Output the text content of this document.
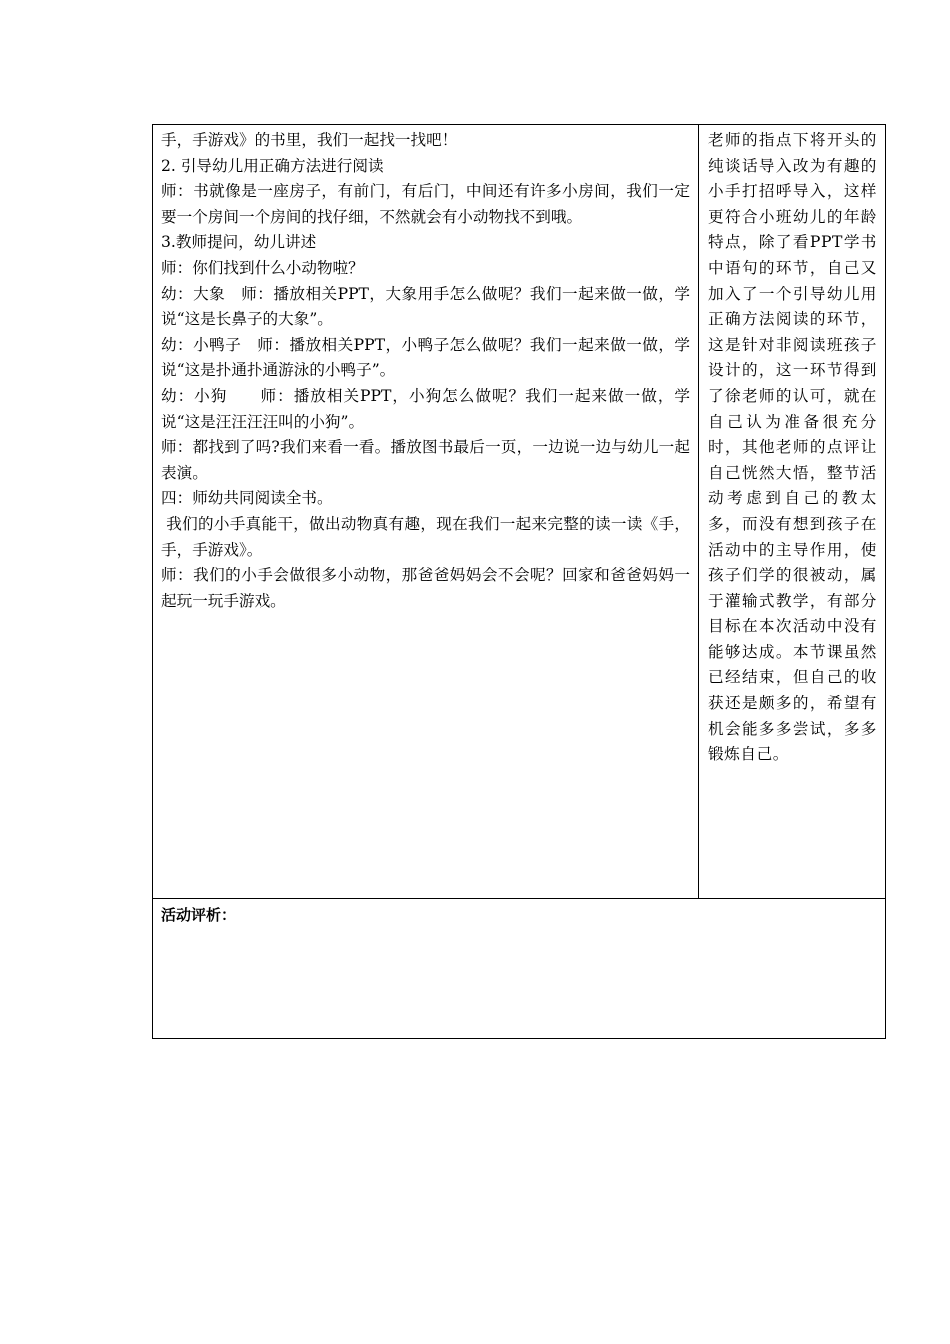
手，手游戏》的书里，我们一起找一找吧！

2. 引导幼儿用正确方法进行阅读

师：书就像是一座房子，有前门，有后门，中间还有许多小房间，我们一定要一个房间一个房间的找仔细，不然就会有小动物找不到哦。

3.教师提问，幼儿讲述

师：你们找到什么小动物啦？

幼：大象　师：播放相关PPT，大象用手怎么做呢？我们一起来做一做，学说“这是长鼻子的大象”。

幼：小鸭子　师：播放相关PPT，小鸭子怎么做呢？我们一起来做一做，学说“这是扑通扑通游泳的小鸭子”。

幼：小狗　　师：播放相关PPT，小狗怎么做呢？我们一起来做一做，学说“这是汪汪汪汪叫的小狗”。

师：都找到了吗?我们来看一看。播放图书最后一页，一边说一边与幼儿一起表演。

四：师幼共同阅读全书。

我们的小手真能干，做出动物真有趣，现在我们一起来完整的读一读《手，手，手游戏》。

师：我们的小手会做很多小动物，那爸爸妈妈会不会呢？回家和爸爸妈妈一起玩一玩手游戏。

老师的指点下将开头的纯谈话导入改为有趣的小手打招呼导入，这样更符合小班幼儿的年龄特点，除了看PPT学书中语句的环节，自己又加入了一个引导幼儿用正确方法阅读的环节，这是针对非阅读班孩子设计的，这一环节得到了徐老师的认可，就在自己认为准备很充分时，其他老师的点评让自己恍然大悟，整节活动考虑到自己的教太多，而没有想到孩子在活动中的主导作用，使孩子们学的很被动，属于灌输式教学，有部分目标在本次活动中没有能够达成。本节课虽然已经结束，但自己的收获还是颇多的，希望有机会能多多尝试，多多锻炼自己。
活动评析：
